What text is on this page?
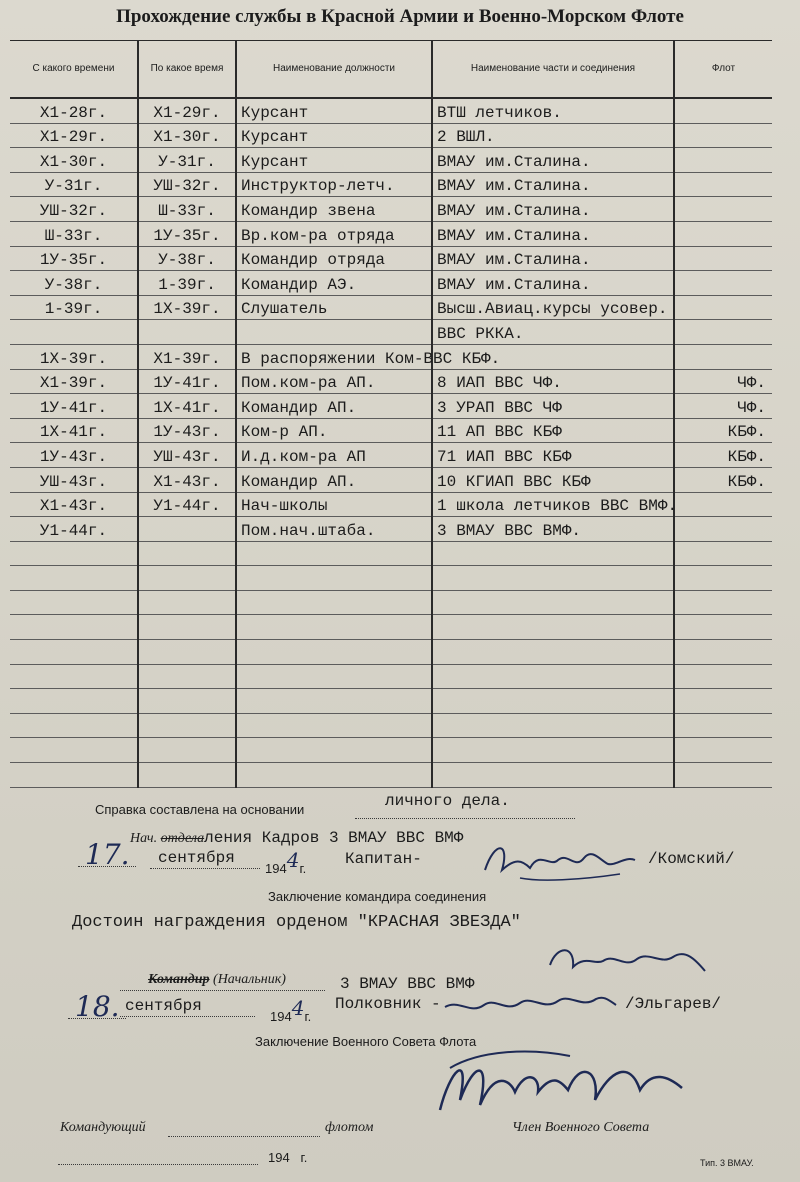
Прохождение службы в Красной Армии и Военно-Морском Флоте
С какого времени	По какое время	Наименование должности	Наименование части и соединения	Флот
Х1-28г.	Х1-29г.	Курсант	ВТШ летчиков.	
Х1-29г.	Х1-30г.	Курсант	2 ВШЛ.	
Х1-30г.	У-31г.	Курсант	ВМАУ им.Сталина.	
У-31г.	УШ-32г.	Инструктор-летч.	ВМАУ им.Сталина.	
УШ-32г.	Ш-33г.	Командир звена	ВМАУ им.Сталина.	
Ш-33г.	1У-35г.	Вр.ком-ра отряда	ВМАУ им.Сталина.	
1У-35г.	У-38г.	Командир отряда	ВМАУ им.Сталина.	
У-38г.	1-39г.	Командир АЭ.	ВМАУ им.Сталина.	
1-39г.	1Х-39г.	Слушатель	Высш.Авиац.курсы усовер.	
			ВВС РККА.	
1Х-39г.	Х1-39г.	В распоряжении Ком-ВВС КБФ.		
Х1-39г.	1У-41г.	Пом.ком-ра АП.	8 ИАП ВВС ЧФ.	ЧФ.
1У-41г.	1Х-41г.	Командир АП.	3 УРАП ВВС ЧФ	ЧФ.
1Х-41г.	1У-43г.	Ком-р АП.	11 АП ВВС КБФ	КБФ.
1У-43г.	УШ-43г.	И.д.ком-ра АП	71 ИАП ВВС КБФ	КБФ.
УШ-43г.	Х1-43г.	Командир АП.	10 КГИАП ВВС КБФ	КБФ.
Х1-43г.	У1-44г.	Нач-школы	1 школа летчиков ВВС ВМФ.	
У1-44г.		Пом.нач.штаба.	3 ВМАУ ВВС ВМФ.	

Справка составлена на основании	личного дела.
Нач. отделаления Кадров 3 ВМАУ ВВС ВМФ
17. сентября
1944г.
Капитан-	/Комский/
Заключение командира соединения
Достоин награждения орденом "КРАСНАЯ ЗВЕЗДА"
Командир (Начальник)	3 ВМАУ ВВС ВМФ
18. сентября
1944г.
Полковник -	/Эльгарев/
Заключение Военного Совета Флота
Командующий	флотом	Член Военного Совета
194 г.	Тип. 3 ВМАУ.
